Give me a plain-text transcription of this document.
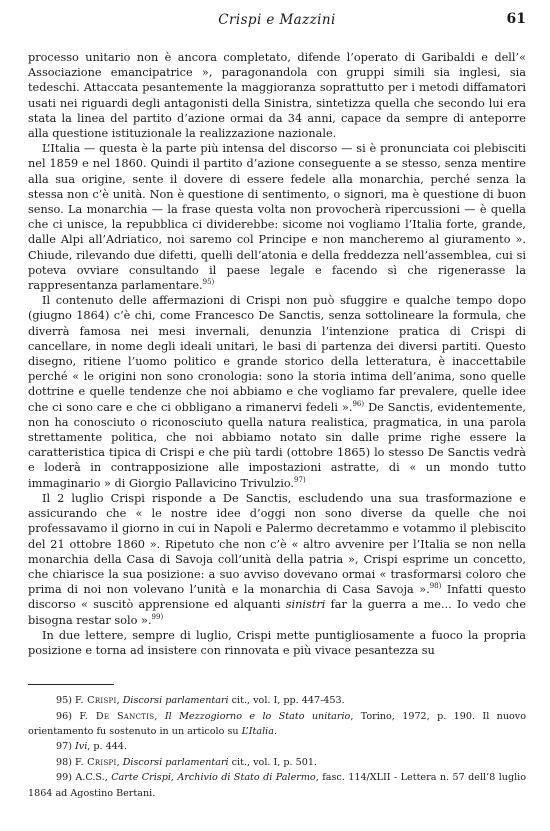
Crispi e Mazzini	61

processo unitario non è ancora completato, difende l’operato di Garibaldi e dell’« Associazione emancipatrice », paragonandola con gruppi simili sia inglesi, sia tedeschi. Attaccata pesantemente la maggioranza soprattutto per i metodi diffamatori usati nei riguardi degli antagonisti della Sinistra, sintetizza quella che secondo lui era stata la linea del partito d’azione ormai da 34 anni, capace da sempre di anteporre alla questione istituzionale la realizzazione nazionale.

L’Italia — questa è la parte più intensa del discorso — si è pronunciata coi plebisciti nel 1859 e nel 1860. Quindi il partito d’azione conseguente a se stesso, senza mentire alla sua origine, sente il dovere di essere fedele alla monarchia, perché senza la stessa non c’è unità. Non è questione di sentimento, o signori, ma è questione di buon senso. La monarchia — la frase questa volta non provocherà ripercussioni — è quella che ci unisce, la repubblica ci dividerebbe: sicome noi vogliamo l’Italia forte, grande, dalle Alpi all’Adriatico, noi saremo col Principe e non mancheremo al giuramento ». Chiude, rilevando due difetti, quelli dell’atonia e della freddezza nell’assemblea, cui si poteva ovviare consultando il paese legale e facendo sì che rigenerasse la rappresentanza parlamentare.$^{95)}$

Il contenuto delle affermazioni di Crispi non può sfuggire e qualche tempo dopo (giugno 1864) c’è chi, come Francesco De Sanctis, senza sottolineare la formula, che diverrà famosa nei mesi invernali, denunzia l’intenzione pratica di Crispi di cancellare, in nome degli ideali unitari, le basi di partenza dei diversi partiti. Questo disegno, ritiene l’uomo politico e grande storico della letteratura, è inaccettabile perché « le origini non sono cronologia: sono la storia intima dell’anima, sono quelle dottrine e quelle tendenze che noi abbiamo e che vogliamo far prevalere, quelle idee che ci sono care e che ci obbligano a rimanervi fedeli ».$^{96)}$ De Sanctis, evidentemente, non ha conosciuto o riconosciuto quella natura realistica, pragmatica, in una parola strettamente politica, che noi abbiamo notato sin dalle prime righe essere la caratteristica tipica di Crispi e che più tardi (ottobre 1865) lo stesso De Sanctis vedrà e loderà in contrapposizione alle impostazioni astratte, di « un mondo tutto immaginario » di Giorgio Pallavicino Trivulzio.$^{97)}$

Il 2 luglio Crispi risponde a De Sanctis, escludendo una sua trasformazione e assicurando che « le nostre idee d’oggi non sono diverse da quelle che noi professavamo il giorno in cui in Napoli e Palermo decretammo e votammo il plebiscito del 21 ottobre 1860 ». Ripetuto che non c’è « altro avvenire per l’Italia se non nella monarchia della Casa di Savoja coll’unità della patria », Crispi esprime un concetto, che chiarisce la sua posizione: a suo avviso dovevano ormai « trasformarsi coloro che prima di noi non volevano l’unità e la monarchia di Casa Savoja ».$^{98)}$ Infatti questo discorso « suscitò apprensione ed alquanti sinistri far la guerra a me... Io vedo che bisogna restar solo ».$^{99)}$

In due lettere, sempre di luglio, Crispi mette puntigliosamente a fuoco la propria posizione e torna ad insistere con rinnovata e più vivace pesantezza su

95) F. Crispi, Discorsi parlamentari cit., vol. I, pp. 447-453.
96) F. De Sanctis, Il Mezzogiorno e lo Stato unitario, Torino, 1972, p. 190. Il nuovo orientamento fu sostenuto in un articolo su L’Italia.
97) Ivi, p. 444.
98) F. Crispi, Discorsi parlamentari cit., vol. I, p. 501.
99) A.C.S., Carte Crispi, Archivio di Stato di Palermo, fasc. 114/XLII - Lettera n. 57 dell’8 luglio 1864 ad Agostino Bertani.
